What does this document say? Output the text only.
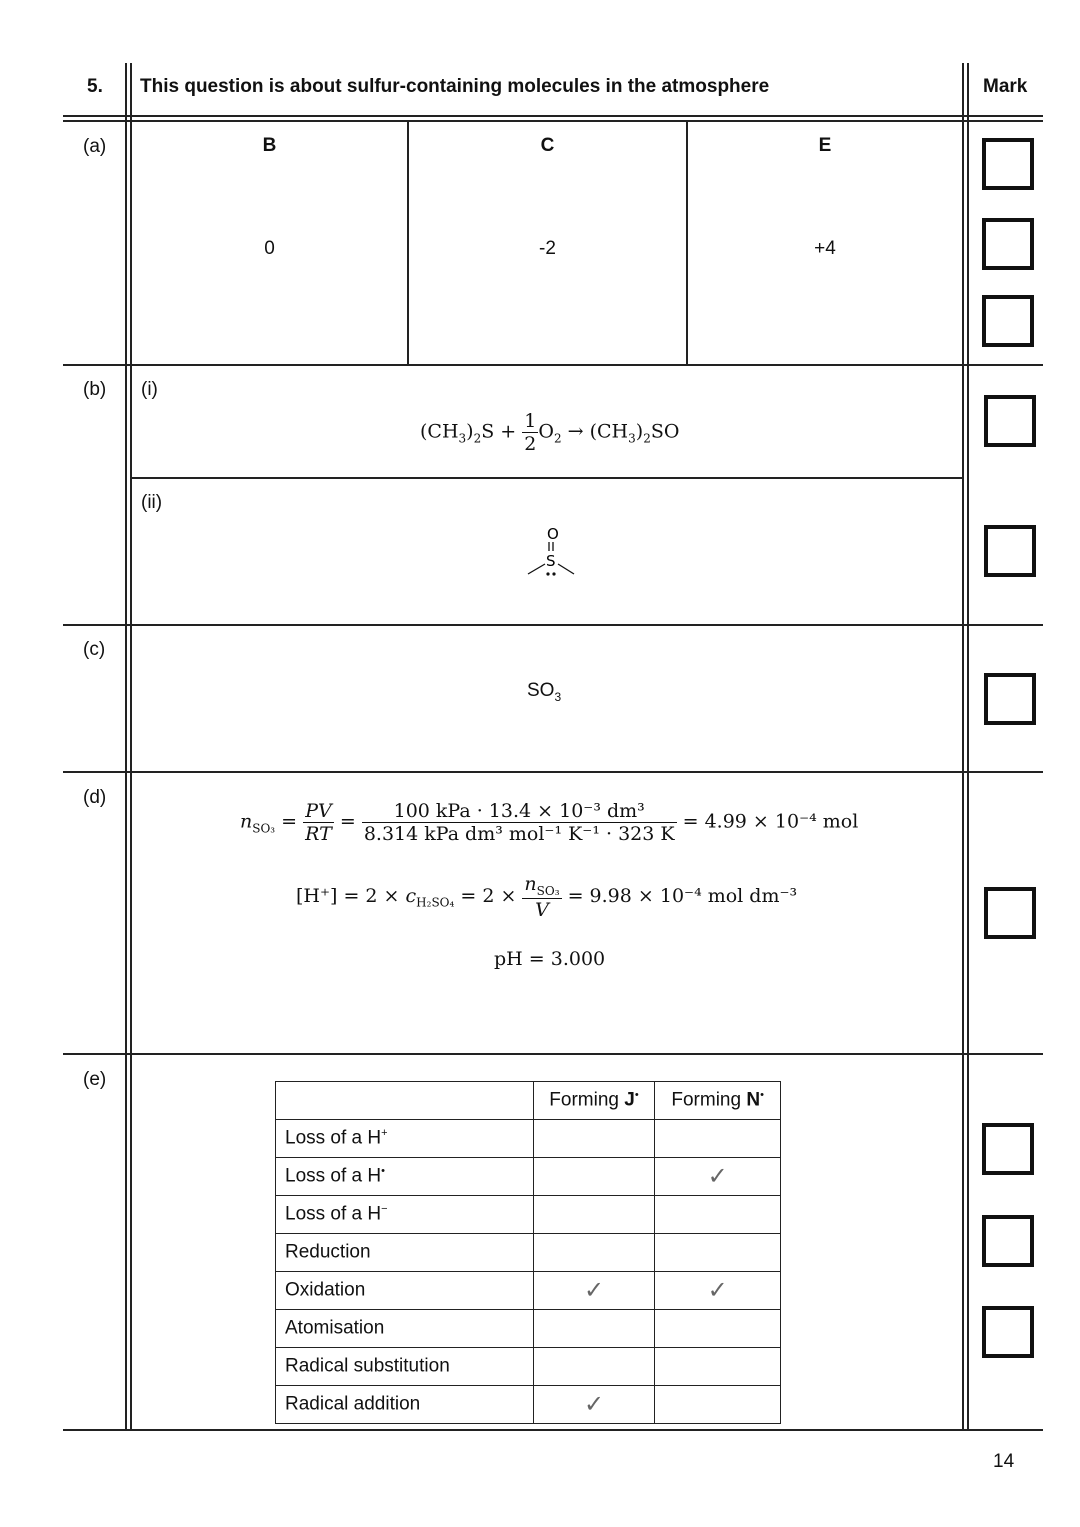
5. This question is about sulfur-containing molecules in the atmosphere	Mark
(a)	B	C	E
0	-2	+4
(b) (i)
$(CH_3)_2S + \frac{1}{2} O_2 \to (CH_3)_2SO$
(ii)
O
S
(c)
$SO_3$
(d)
$n_{SO_3} = \frac{PV}{RT} = \frac{\text{100 kPa · 13.4 × 10⁻³ dm³}}{\text{8.314 kPa dm³ mol⁻¹ K⁻¹ · 323 K}} = 4.99 \times 10^{-4}$ mol
$[H^+] = 2 \times c_{H_2SO_4} = 2 \times \frac{n_{SO_3}}{V} = 9.98 \times 10^{-4}$ mol dm⁻³
pH = 3.000
(e)
	Forming J•	Forming N•
Loss of a H+		
Loss of a H•		✓
Loss of a H−		
Reduction		
Oxidation	✓	✓
Atomisation		
Radical substitution		
Radical addition	✓	
14
